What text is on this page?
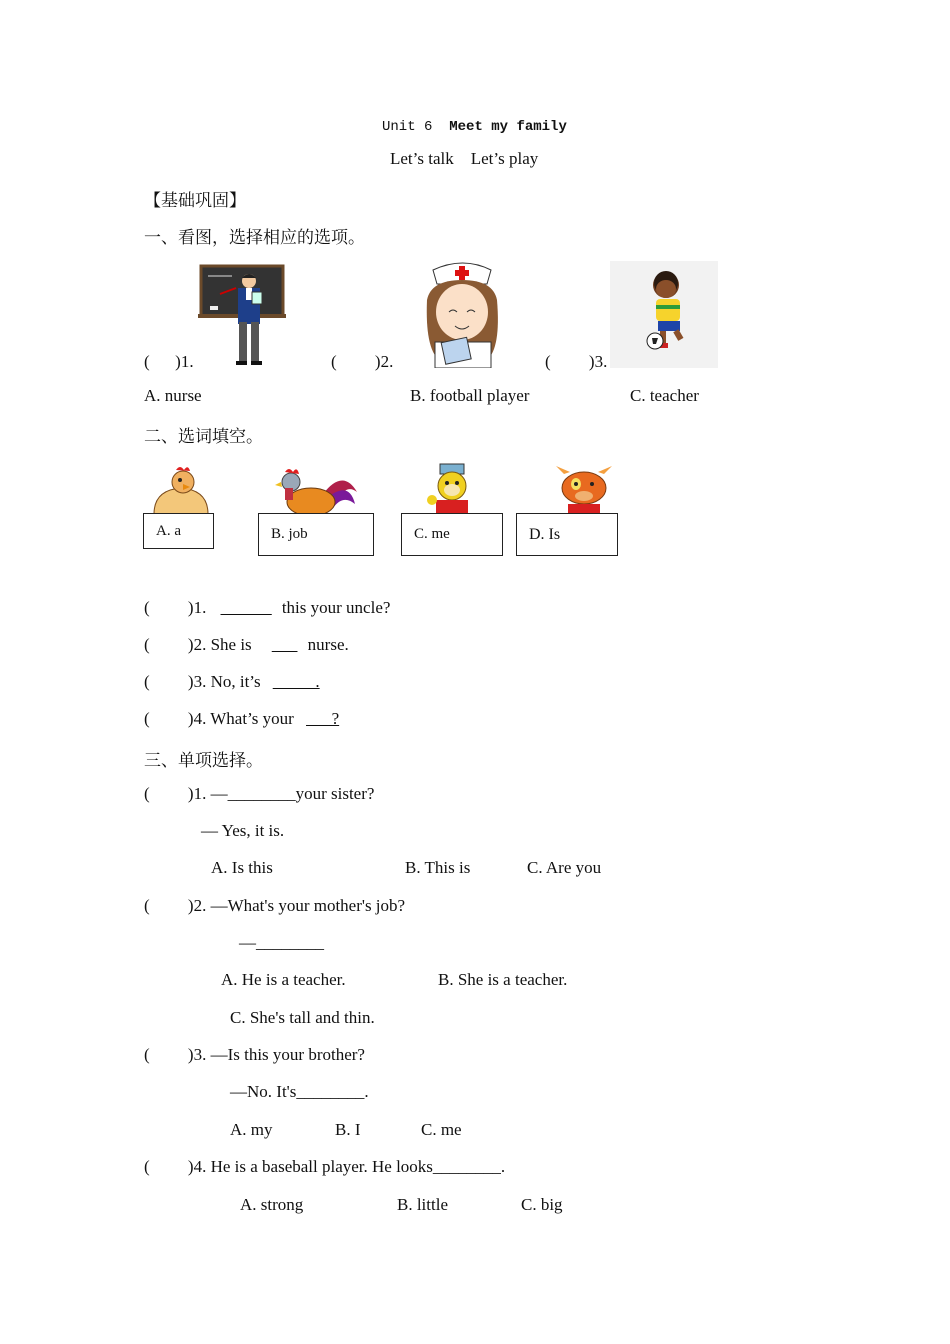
Unit 6 Meet my family
Let’s talk    Let’s play
【基础巩固】
一、看图，选择相应的选项。
(      )1.	(         )2.	(         )3.
A. nurse	B. football player	C. teacher
二、选词填空。
A. a	B. job	C. me	D. Is
(         )1. ______ this your uncle?
(         )2. She is ___ nurse.
(         )3. No, it’s _____.
(         )4. What’s your ___?
三、单项选择。
(         )1. —________your sister?
— Yes, it is.
A. Is this	B. This is	C. Are you
(         )2. —What's your mother's job?
—________
A. He is a teacher.	B. She is a teacher.
C. She's tall and thin.
(         )3. —Is this your brother?
—No. It's________.
A. my	B. I	C. me
(         )4. He is a baseball player. He looks________.
A. strong	B. little	C. big
